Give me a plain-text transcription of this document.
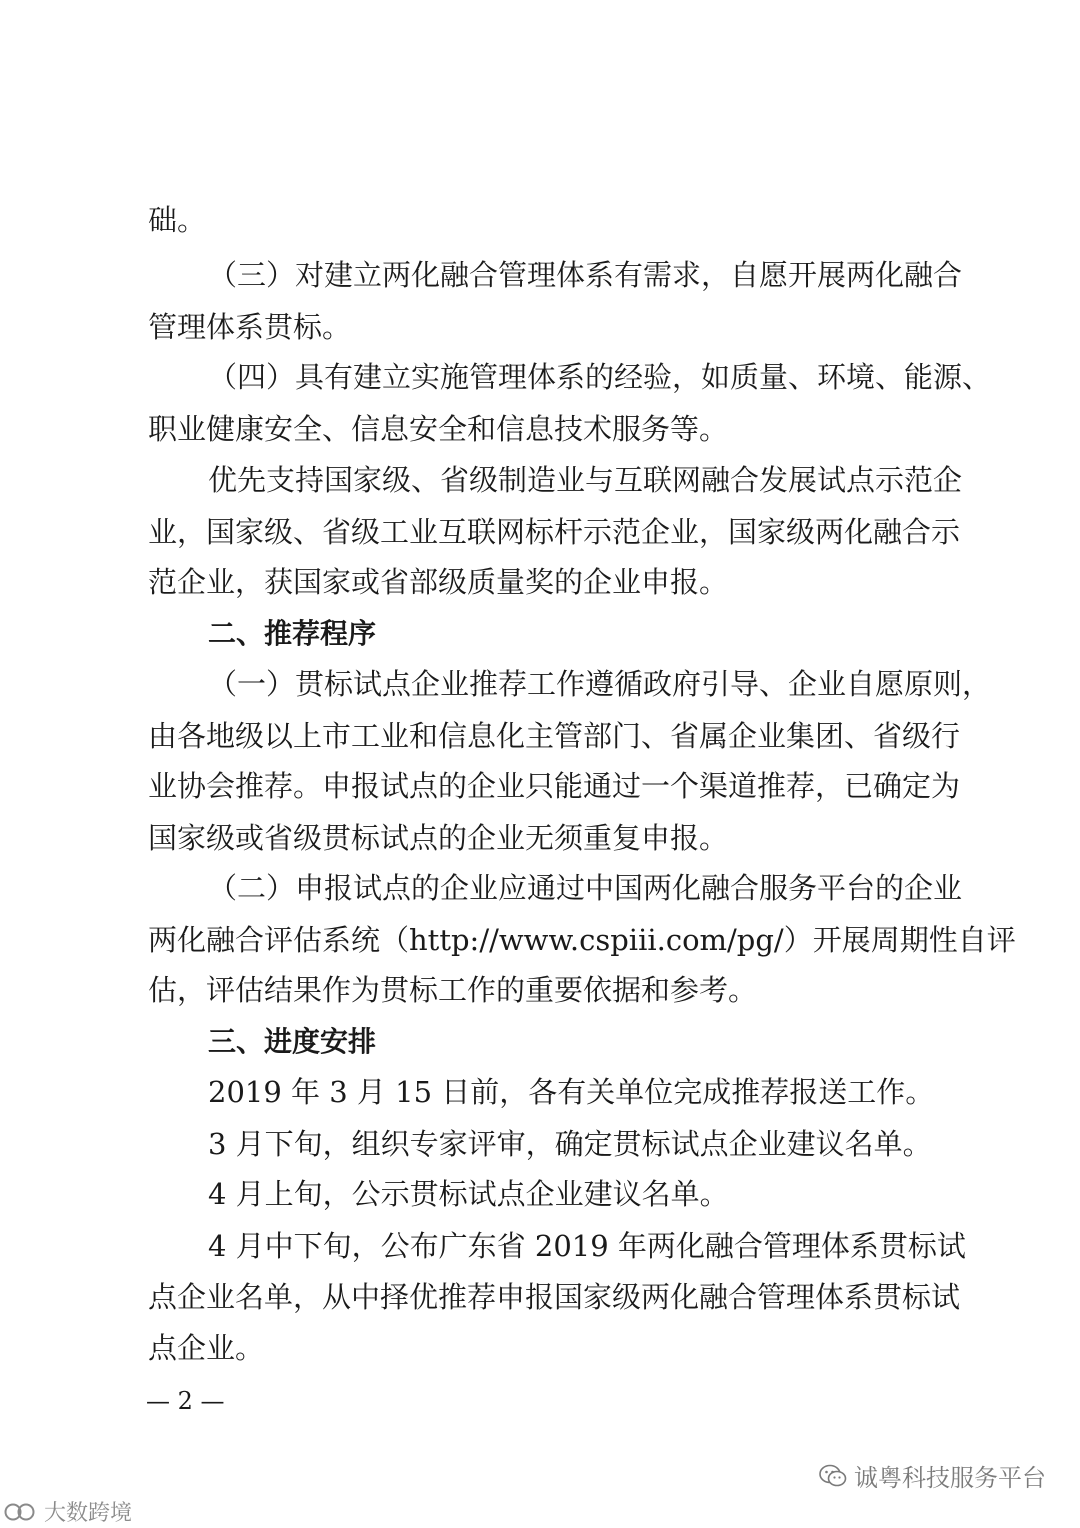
础。
（三）对建立两化融合管理体系有需求，自愿开展两化融合
管理体系贯标。
（四）具有建立实施管理体系的经验，如质量、环境、能源、
职业健康安全、信息安全和信息技术服务等。
优先支持国家级、省级制造业与互联网融合发展试点示范企
业，国家级、省级工业互联网标杆示范企业，国家级两化融合示
范企业，获国家或省部级质量奖的企业申报。
二、推荐程序
（一）贯标试点企业推荐工作遵循政府引导、企业自愿原则，
由各地级以上市工业和信息化主管部门、省属企业集团、省级行
业协会推荐。申报试点的企业只能通过一个渠道推荐，已确定为
国家级或省级贯标试点的企业无须重复申报。
（二）申报试点的企业应通过中国两化融合服务平台的企业
两化融合评估系统（http://www.cspiii.com/pg/）开展周期性自评
估，评估结果作为贯标工作的重要依据和参考。
三、进度安排
2019 年 3 月 15 日前，各有关单位完成推荐报送工作。
3 月下旬，组织专家评审，确定贯标试点企业建议名单。
4 月上旬，公示贯标试点企业建议名单。
4 月中下旬，公布广东省 2019 年两化融合管理体系贯标试
点企业名单，从中择优推荐申报国家级两化融合管理体系贯标试
点企业。
— 2 —
诚粤科技服务平台
大数跨境
